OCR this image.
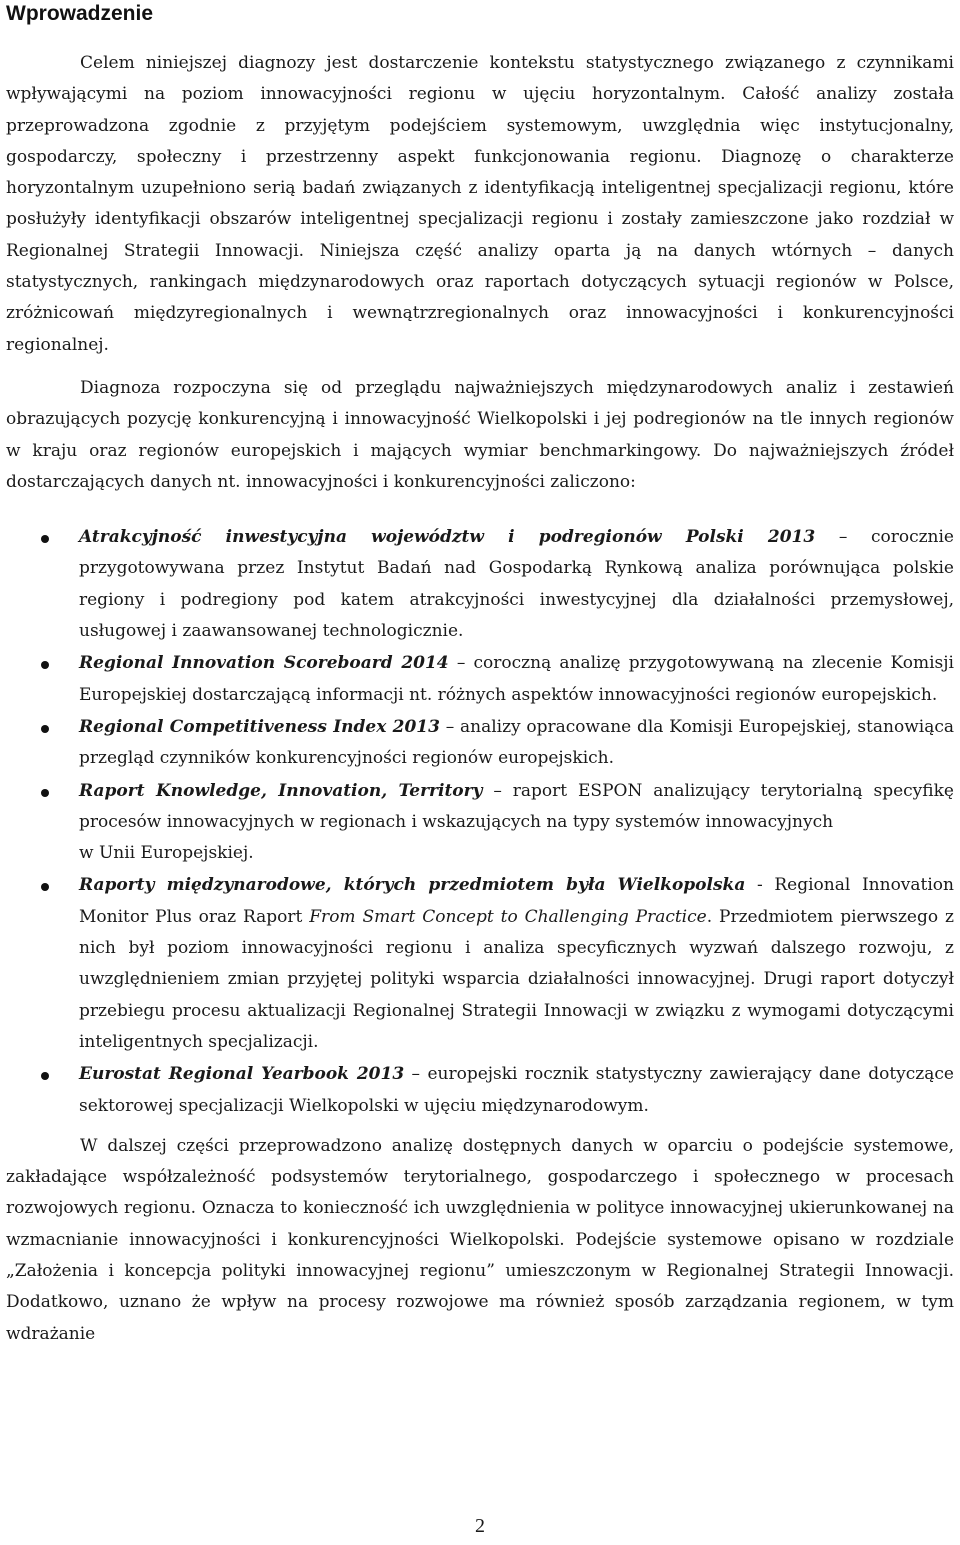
Wprowadzenie

Celem niniejszej diagnozy jest dostarczenie kontekstu statystycznego związanego z czynnikami wpływającymi na poziom innowacyjności regionu w ujęciu horyzontalnym. Całość analizy została przeprowadzona zgodnie z przyjętym podejściem systemowym, uwzględnia więc instytucjonalny, gospodarczy, społeczny i przestrzenny aspekt funkcjonowania regionu. Diagnozę o charakterze horyzontalnym uzupełniono serią badań związanych z identyfikacją inteligentnej specjalizacji regionu, które posłużyły identyfikacji obszarów inteligentnej specjalizacji regionu i zostały zamieszczone jako rozdział w Regionalnej Strategii Innowacji. Niniejsza część analizy oparta ją na danych wtórnych – danych statystycznych, rankingach międzynarodowych oraz raportach dotyczących sytuacji regionów w Polsce, zróżnicowań międzyregionalnych i wewnątrzregionalnych oraz innowacyjności i konkurencyjności regionalnej.

Diagnoza rozpoczyna się od przeglądu najważniejszych międzynarodowych analiz i zestawień obrazujących pozycję konkurencyjną i innowacyjność Wielkopolski i jej podregionów na tle innych regionów w kraju oraz regionów europejskich i mających wymiar benchmarkingowy. Do najważniejszych źródeł dostarczających danych nt. innowacyjności i konkurencyjności zaliczono:

Atrakcyjność inwestycyjna województw i podregionów Polski 2013 – corocznie przygotowywana przez Instytut Badań nad Gospodarką Rynkową analiza porównująca polskie regiony i podregiony pod katem atrakcyjności inwestycyjnej dla działalności przemysłowej, usługowej i zaawansowanej technologicznie.
Regional Innovation Scoreboard 2014 – coroczną analizę przygotowywaną na zlecenie Komisji Europejskiej dostarczającą informacji nt. różnych aspektów innowacyjności regionów europejskich.
Regional Competitiveness Index 2013 – analizy opracowane dla Komisji Europejskiej, stanowiąca przegląd czynników konkurencyjności regionów europejskich.
Raport Knowledge, Innovation, Territory – raport ESPON analizujący terytorialną specyfikę procesów innowacyjnych w regionach i wskazujących na typy systemów innowacyjnych
w Unii Europejskiej.
Raporty międzynarodowe, których przedmiotem była Wielkopolska - Regional Innovation Monitor Plus oraz Raport From Smart Concept to Challenging Practice. Przedmiotem pierwszego z nich był poziom innowacyjności regionu i analiza specyficznych wyzwań dalszego rozwoju, z uwzględnieniem zmian przyjętej polityki wsparcia działalności innowacyjnej. Drugi raport dotyczył przebiegu procesu aktualizacji Regionalnej Strategii Innowacji w związku z wymogami dotyczącymi inteligentnych specjalizacji.
Eurostat Regional Yearbook 2013 – europejski rocznik statystyczny zawierający dane dotyczące sektorowej specjalizacji Wielkopolski w ujęciu międzynarodowym.

W dalszej części przeprowadzono analizę dostępnych danych w oparciu o podejście systemowe, zakładające współzależność podsystemów terytorialnego, gospodarczego i społecznego w procesach rozwojowych regionu. Oznacza to konieczność ich uwzględnienia w polityce innowacyjnej ukierunkowanej na wzmacnianie innowacyjności i konkurencyjności Wielkopolski. Podejście systemowe opisano w rozdziale „Założenia i koncepcja polityki innowacyjnej regionu” umieszczonym w Regionalnej Strategii Innowacji. Dodatkowo, uznano że wpływ na procesy rozwojowe ma również sposób zarządzania regionem, w tym wdrażanie

2
